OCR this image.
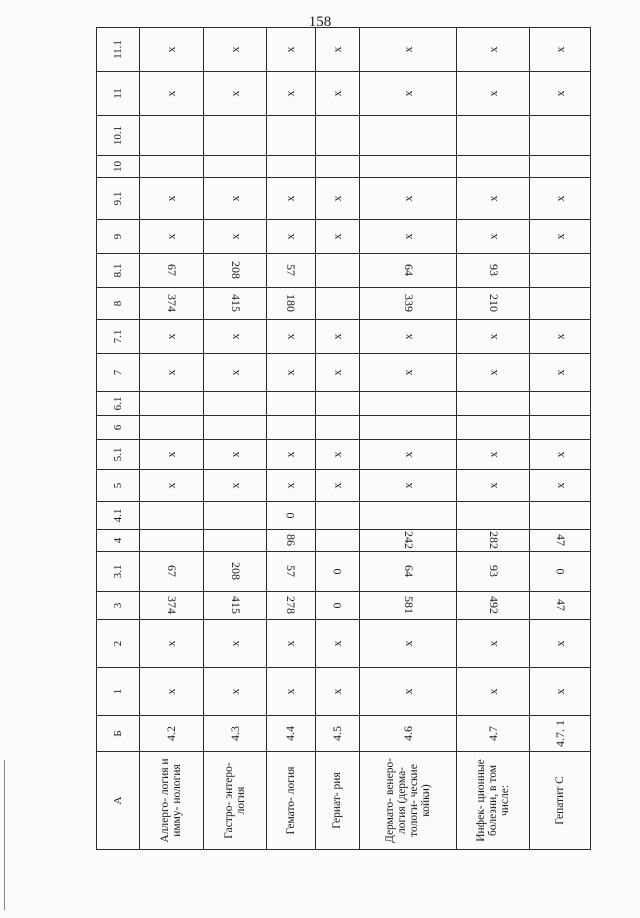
158
А	Б	1	2	3	3.1	4	4.1	5	5.1	6	6.1	7	7.1	8	8.1	9	9.1	10	10.1	11	11.1
Аллерго- логия и имму- нология	4.2	x	x	374	67			x	x			x	x	374	67	x	x			x	x
Гастро- энтеро- логия	4.3	x	x	415	208			x	x			x	x	415	208	x	x			x	x
Гемато- логия	4.4	x	x	278	57	86	0	x	x			x	x	180	57	x	x			x	x
Гериат- рия	4.5	x	x	0	0			x	x			x	x			x	x			x	x
Дермато- венеро- логия (дерма- тологи- ческие койки)	4.6	x	x	581	64	242		x	x			x	x	339	64	x	x			x	x
Инфек- ционные болезни, в том числе:	4.7	x	x	492	93	282		x	x			x	x	210	93	x	x			x	x
Гепатит С	4.7. 1	x	x	47	0	47		x	x			x	x			x	x			x	x
